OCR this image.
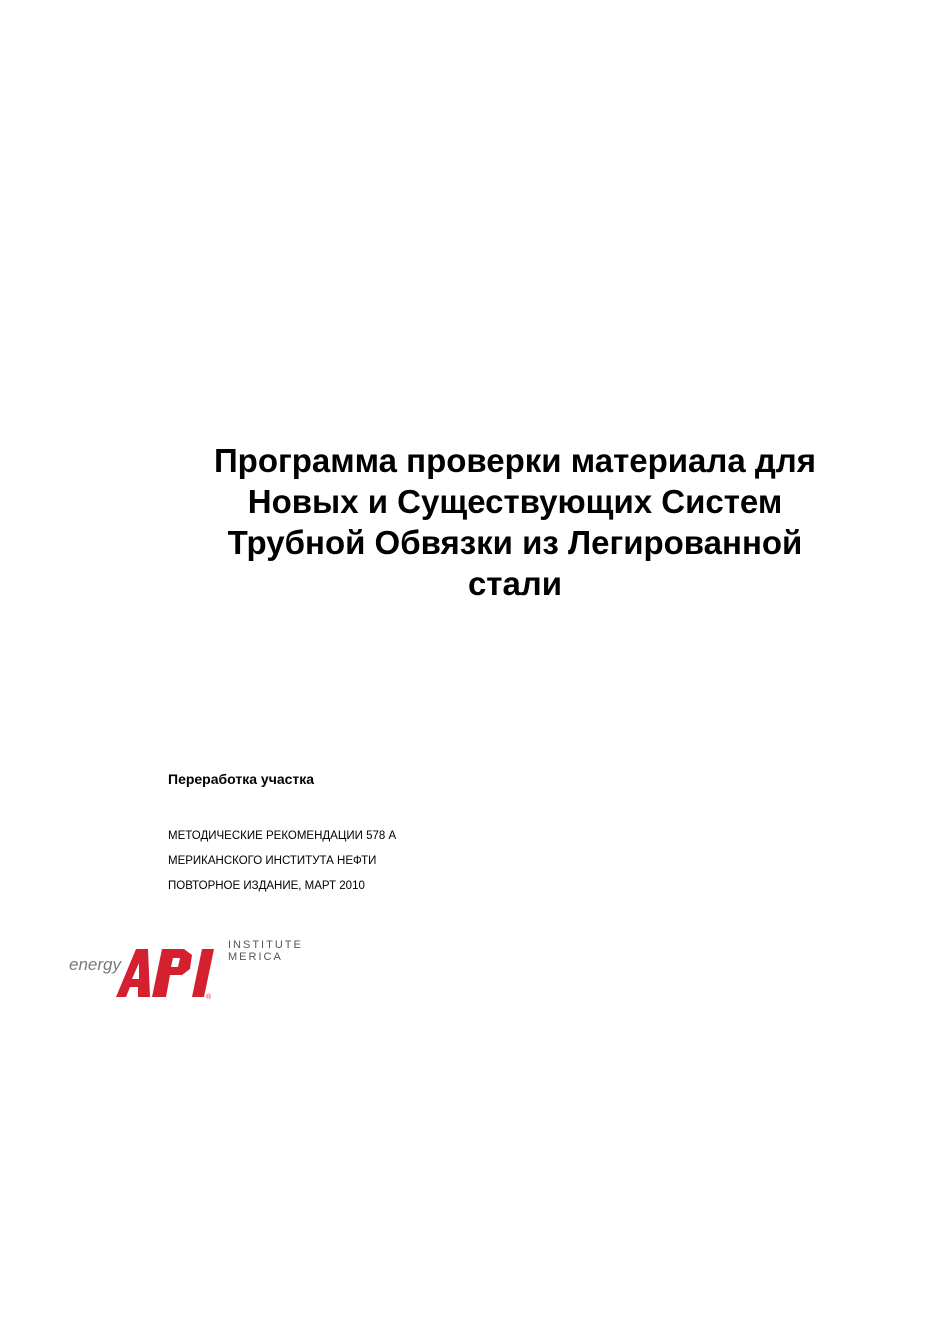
Программа проверки материала для
Новых и Существующих Систем
Трубной Обвязки из Легированной
стали

Переработка участка

МЕТОДИЧЕСКИЕ РЕКОМЕНДАЦИИ 578 А
МЕРИКАНСКОГО ИНСТИТУТА НЕФТИ
ПОВТОРНОЕ ИЗДАНИЕ, МАРТ 2010
energy
®
INSTITUTE
MERICA
